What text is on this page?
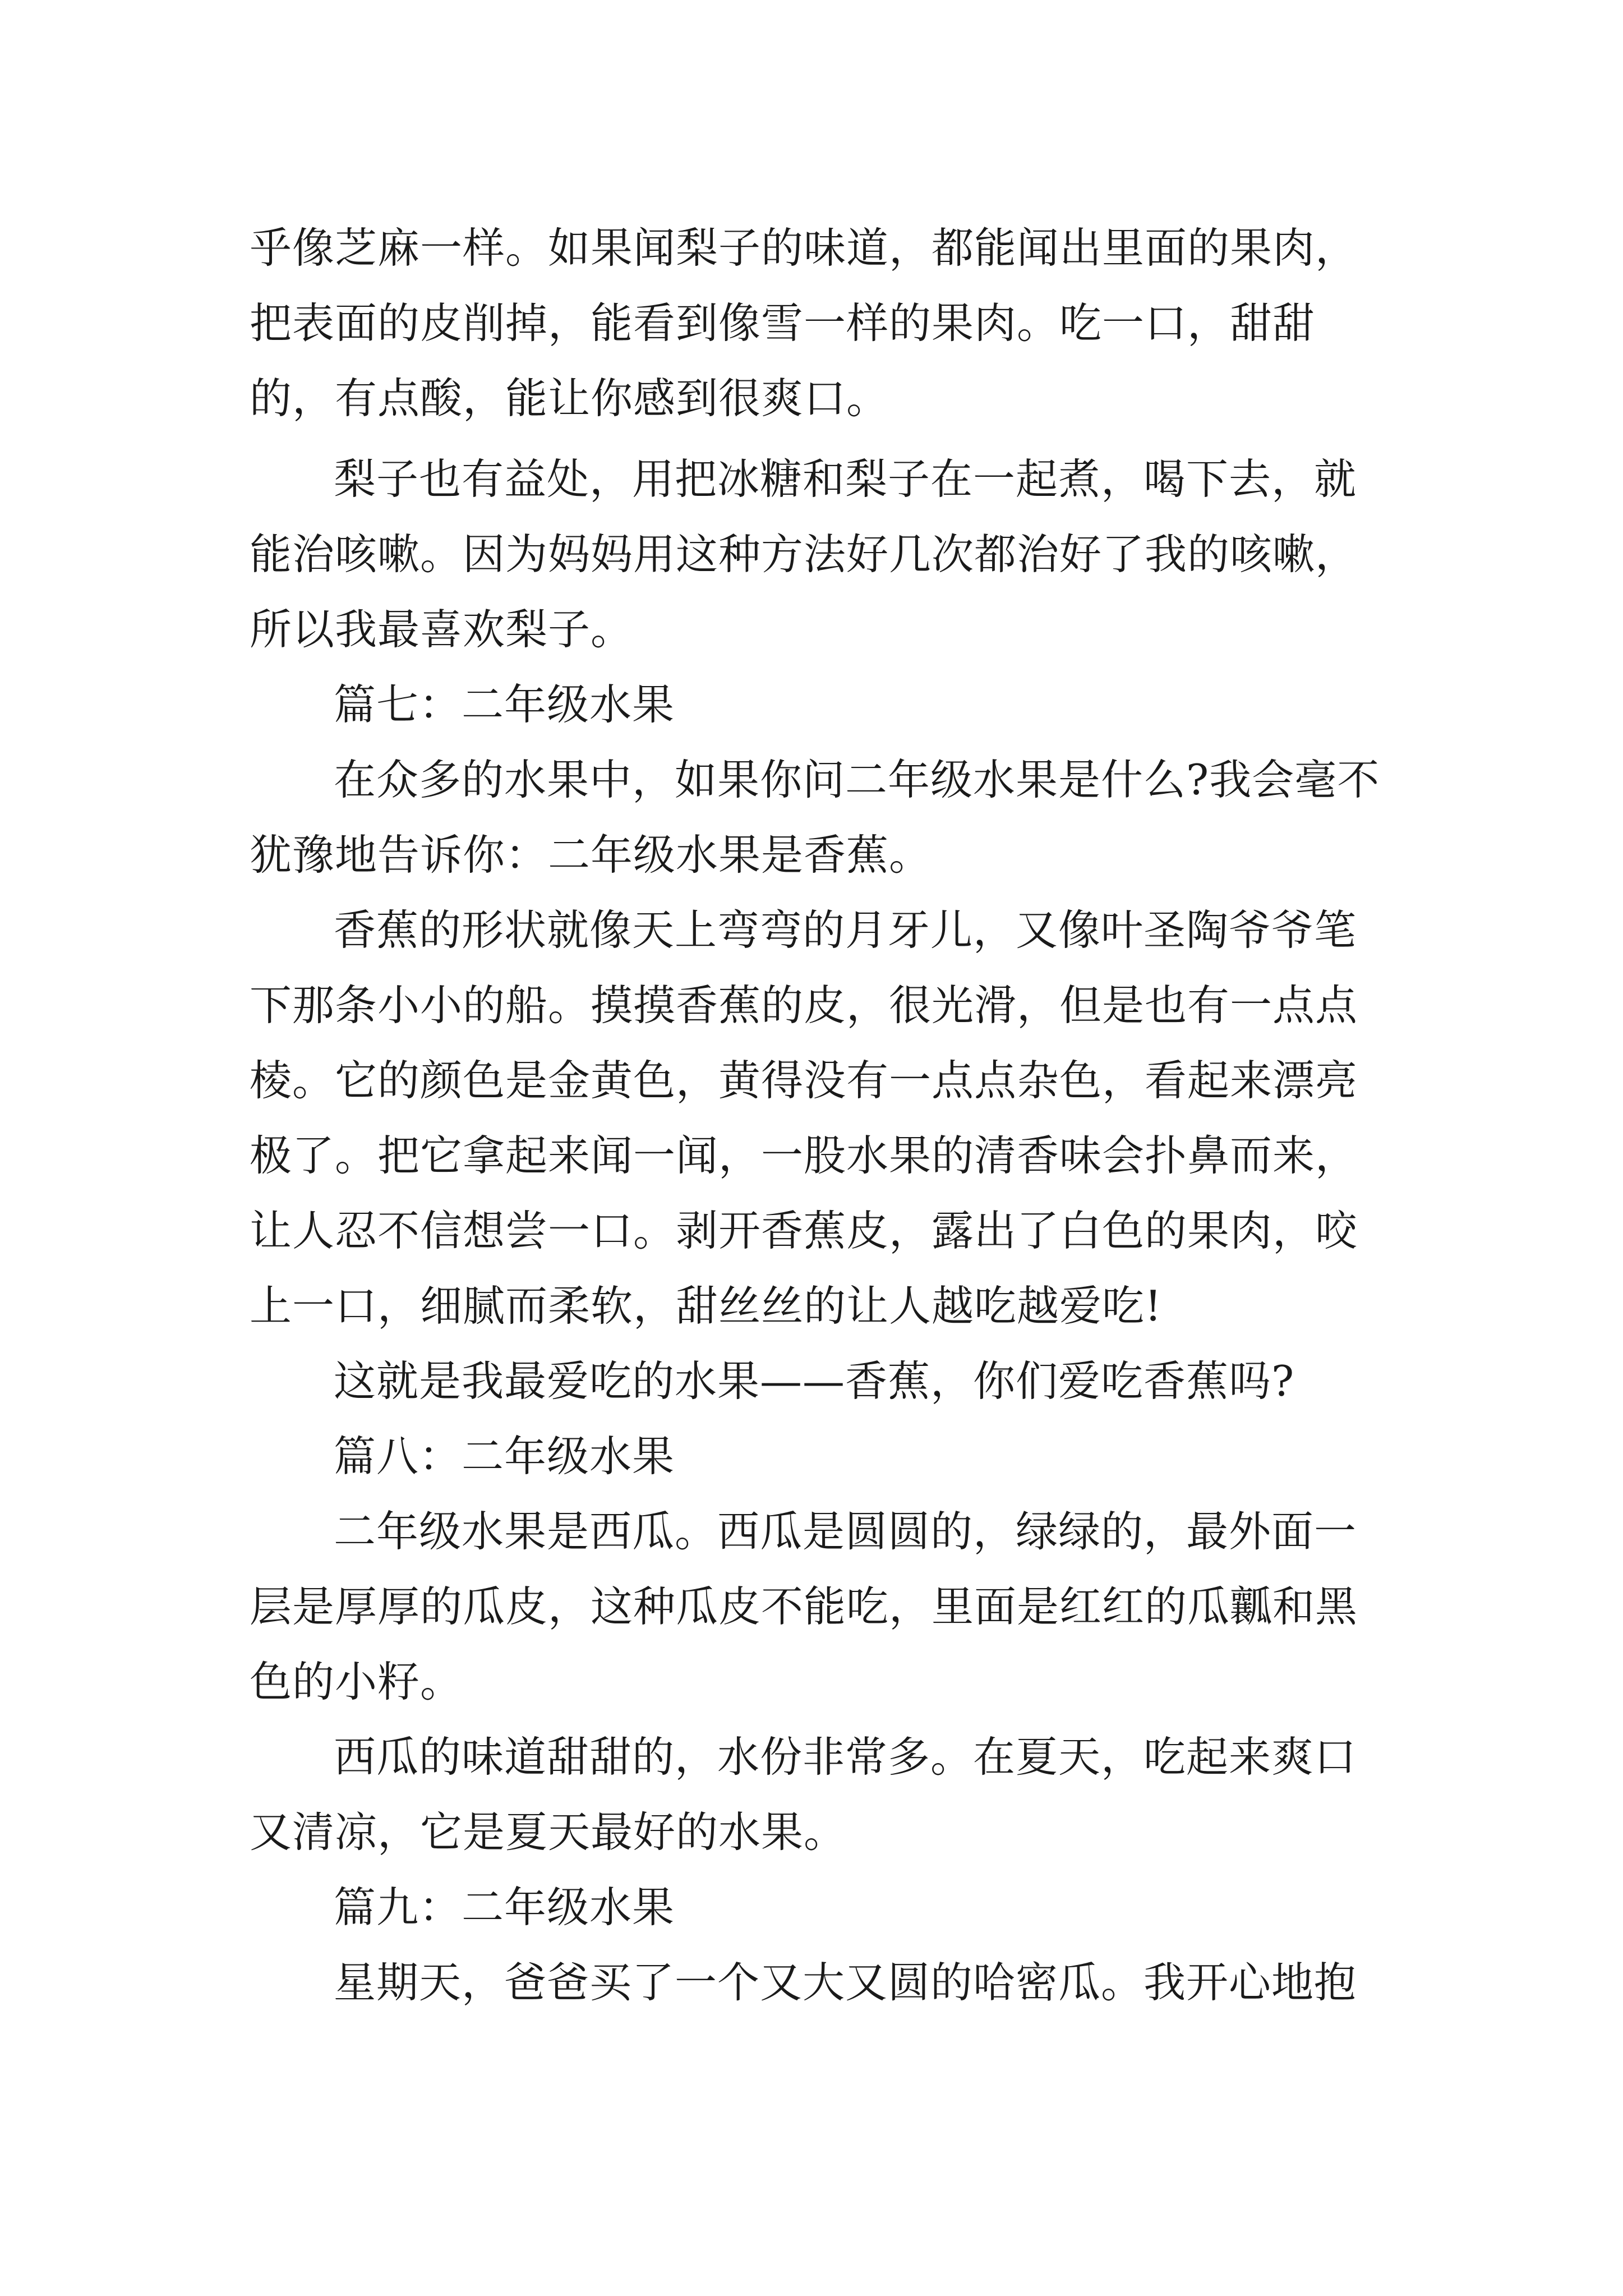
乎像芝麻一样。如果闻梨子的味道，都能闻出里面的果肉，把表面的皮削掉，能看到像雪一样的果肉。吃一口，甜甜的，有点酸，能让你感到很爽口。

梨子也有益处，用把冰糖和梨子在一起煮，喝下去，就能治咳嗽。因为妈妈用这种方法好几次都治好了我的咳嗽，所以我最喜欢梨子。

篇七：二年级水果

在众多的水果中，如果你问二年级水果是什么?我会毫不犹豫地告诉你：二年级水果是香蕉。

香蕉的形状就像天上弯弯的月牙儿，又像叶圣陶爷爷笔下那条小小的船。摸摸香蕉的皮，很光滑，但是也有一点点棱。它的颜色是金黄色，黄得没有一点点杂色，看起来漂亮极了。把它拿起来闻一闻，一股水果的清香味会扑鼻而来，让人忍不信想尝一口。剥开香蕉皮，露出了白色的果肉，咬上一口，细腻而柔软，甜丝丝的让人越吃越爱吃!

这就是我最爱吃的水果——香蕉，你们爱吃香蕉吗?

篇八：二年级水果

二年级水果是西瓜。西瓜是圆圆的，绿绿的，最外面一层是厚厚的瓜皮，这种瓜皮不能吃，里面是红红的瓜瓤和黑色的小籽。

西瓜的味道甜甜的，水份非常多。在夏天，吃起来爽口又清凉，它是夏天最好的水果。

篇九：二年级水果

星期天，爸爸买了一个又大又圆的哈密瓜。我开心地抱
